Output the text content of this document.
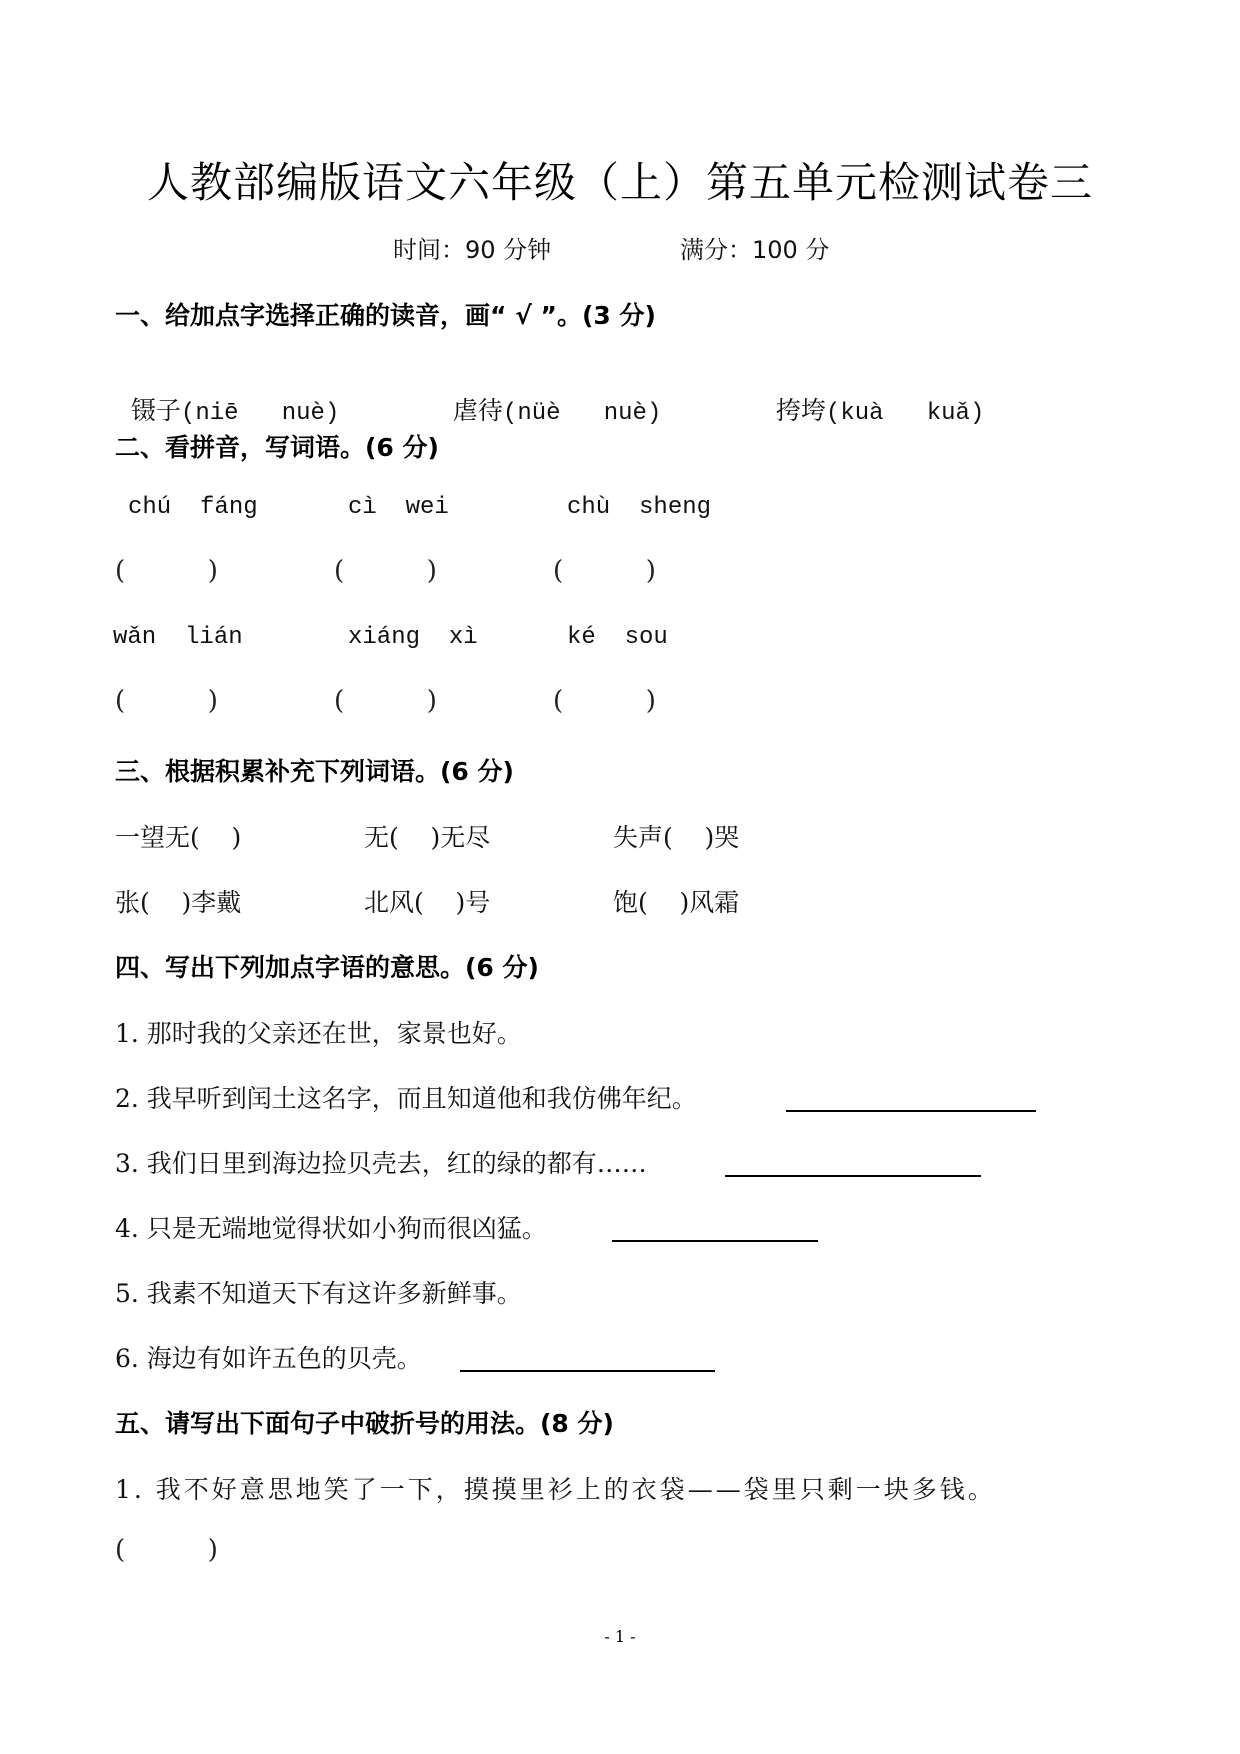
人教部编版语文六年级（上）第五单元检测试卷三
时间：90 分钟	满分：100 分
一、给加点字选择正确的读音，画“ √ ”。(3 分)

镊子(niē   nuè)	虐待(nüè   nuè)	挎垮(kuà   kuǎ)

二、看拼音，写词语。(6 分)
chú  fáng	cì  wei	chù  sheng
(          )	(          )	(          )
wǎn  lián	xiáng  xì	ké  sou
(          )	(          )	(          )
三、根据积累补充下列词语。(6 分)
一望无(    )	无(    )无尽	失声(    )哭
张(    )李戴	北风(    )号	饱(    )风霜
四、写出下列加点字语的意思。(6 分)
1. 那时我的父亲还在世，家景也好。
2. 我早听到闰土这名字，而且知道他和我仿佛年纪。
3. 我们日里到海边捡贝壳去，红的绿的都有……
4. 只是无端地觉得状如小狗而很凶猛。
5. 我素不知道天下有这许多新鲜事。
6. 海边有如许五色的贝壳。
五、请写出下面句子中破折号的用法。(8 分)
1. 我不好意思地笑了一下，摸摸里衫上的衣袋——袋里只剩一块多钱。
(          )
- 1 -
